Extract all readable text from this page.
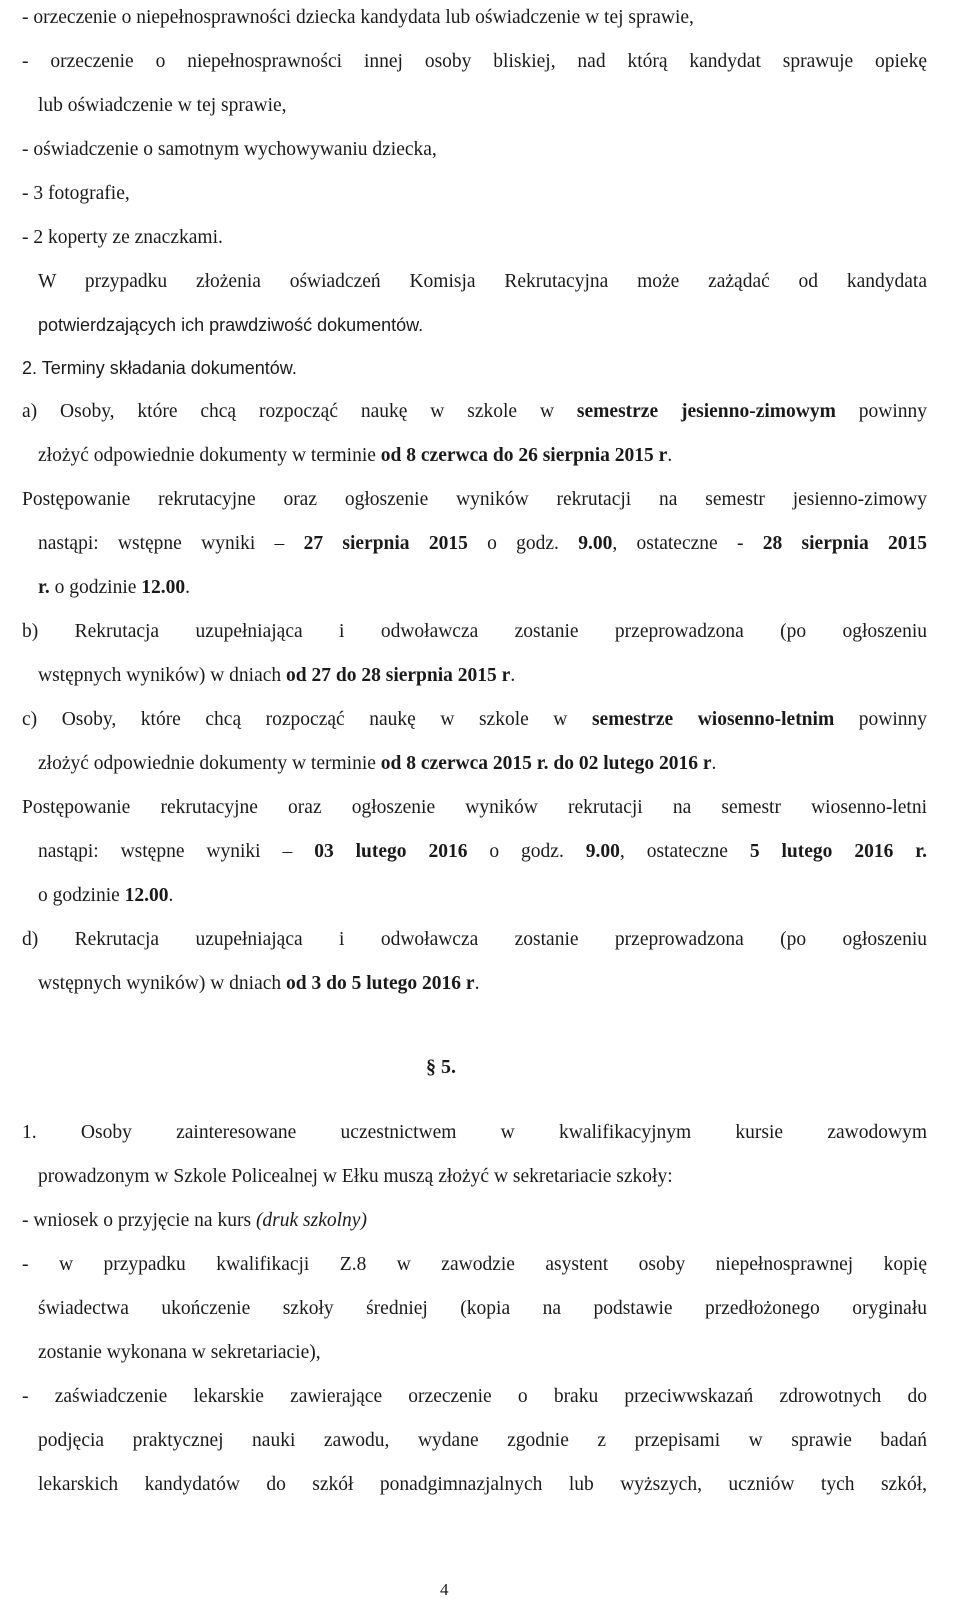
- orzeczenie o niepełnosprawności dziecka kandydata lub oświadczenie w tej sprawie,
- orzeczenie o niepełnosprawności innej osoby bliskiej, nad którą kandydat sprawuje opiekę
lub oświadczenie w tej sprawie,
- oświadczenie o samotnym wychowywaniu dziecka,
- 3 fotografie,
- 2 koperty ze znaczkami.
W przypadku złożenia oświadczeń Komisja Rekrutacyjna może zażądać od kandydata
potwierdzających ich prawdziwość dokumentów.
2. Terminy składania dokumentów.
a) Osoby, które chcą rozpocząć naukę w szkole w semestrze jesienno-zimowym powinny
złożyć odpowiednie dokumenty w terminie od 8 czerwca do 26 sierpnia 2015 r.
Postępowanie rekrutacyjne oraz ogłoszenie wyników rekrutacji na semestr jesienno-zimowy
nastąpi: wstępne wyniki – 27 sierpnia 2015 o godz. 9.00, ostateczne - 28 sierpnia 2015
r. o godzinie 12.00.
b) Rekrutacja uzupełniająca i odwoławcza zostanie przeprowadzona (po ogłoszeniu
wstępnych wyników) w dniach od 27 do 28 sierpnia 2015 r.
c) Osoby, które chcą rozpocząć naukę w szkole w semestrze wiosenno-letnim powinny
złożyć odpowiednie dokumenty w terminie od 8 czerwca 2015 r. do 02 lutego 2016 r.
Postępowanie rekrutacyjne oraz ogłoszenie wyników rekrutacji na semestr wiosenno-letni
nastąpi: wstępne wyniki – 03 lutego 2016 o godz. 9.00, ostateczne 5 lutego 2016 r.
o godzinie 12.00.
d) Rekrutacja uzupełniająca i odwoławcza zostanie przeprowadzona (po ogłoszeniu
wstępnych wyników) w dniach od 3 do 5 lutego 2016 r.
§ 5.
1. Osoby zainteresowane uczestnictwem w kwalifikacyjnym kursie zawodowym
prowadzonym w Szkole Policealnej w Ełku muszą złożyć w sekretariacie szkoły:
- wniosek o przyjęcie na kurs (druk szkolny)
- w przypadku kwalifikacji Z.8 w zawodzie asystent osoby niepełnosprawnej kopię
świadectwa ukończenie szkoły średniej (kopia na podstawie przedłożonego oryginału
zostanie wykonana w sekretariacie),
- zaświadczenie lekarskie zawierające orzeczenie o braku przeciwwskazań zdrowotnych do
podjęcia praktycznej nauki zawodu, wydane zgodnie z przepisami w sprawie badań
lekarskich kandydatów do szkół ponadgimnazjalnych lub wyższych, uczniów tych szkół,
4
